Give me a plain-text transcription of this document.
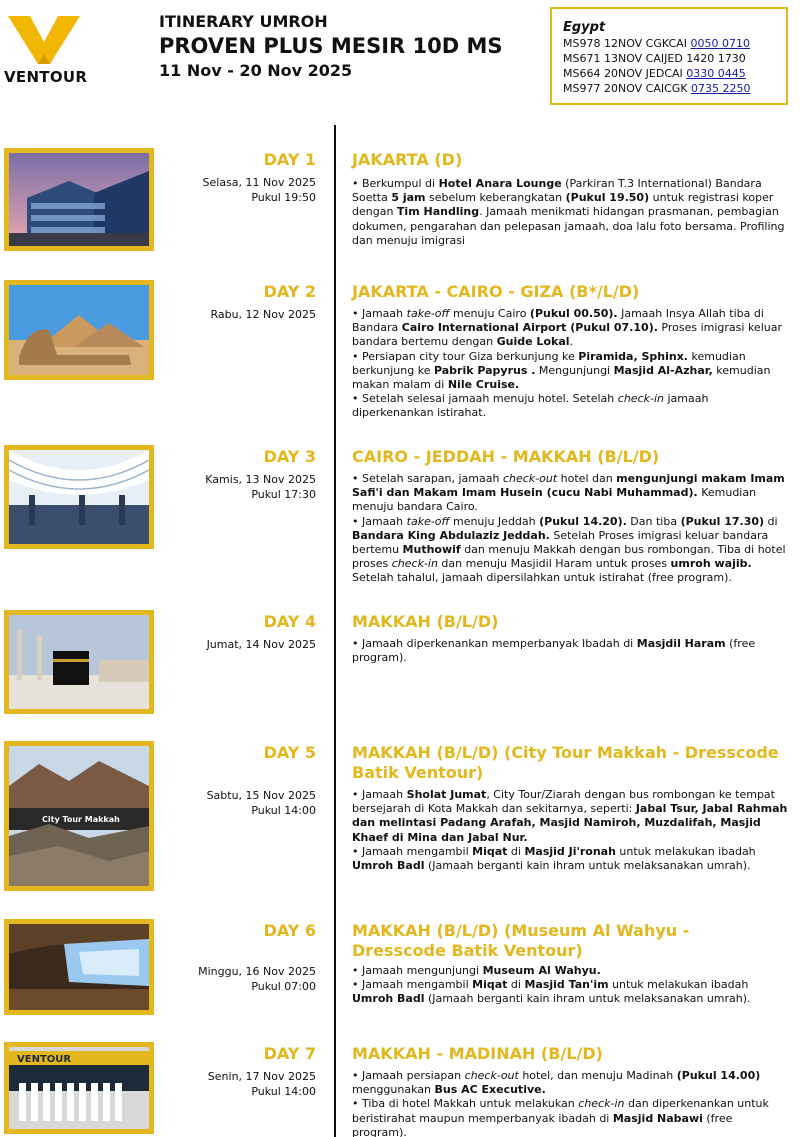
VENTOUR
ITINERARY UMROH
PROVEN PLUS MESIR 10D MS
11 Nov - 20 Nov 2025
Egypt
MS978 12NOV CGKCAI 0050 0710
MS671 13NOV CAIJED 1420 1730
MS664 20NOV JEDCAI 0330 0445
MS977 20NOV CAICGK 0735 2250
DAY 1
Selasa, 11 Nov 2025
Pukul 19:50
JAKARTA (D)

• Berkumpul di Hotel Anara Lounge (Parkiran T.3 International) Bandara Soetta 5 jam sebelum keberangkatan (Pukul 19.50) untuk registrasi koper dengan Tim Handling. Jamaah menikmati hidangan prasmanan, pembagian dokumen, pengarahan dan pelepasan jamaah, doa lalu foto bersama. Profiling dan menuju imigrasi

DAY 2
Rabu, 12 Nov 2025
JAKARTA - CAIRO - GIZA (B*/L/D)

• Jamaah take-off menuju Cairo (Pukul 00.50). Jamaah Insya Allah tiba di Bandara Cairo International Airport (Pukul 07.10). Proses imigrasi keluar bandara bertemu dengan Guide Lokal.

• Persiapan city tour Giza berkunjung ke Piramida, Sphinx. kemudian berkunjung ke Pabrik Papyrus . Mengunjungi Masjid Al-Azhar, kemudian makan malam di Nile Cruise.

• Setelah selesai jamaah menuju hotel. Setelah check-in jamaah diperkenankan istirahat.

DAY 3
Kamis, 13 Nov 2025
Pukul 17:30
CAIRO - JEDDAH - MAKKAH (B/L/D)

• Setelah sarapan, jamaah check-out hotel dan mengunjungi makam Imam Safi'i dan Makam Imam Husein (cucu Nabi Muhammad). Kemudian menuju bandara Cairo.

• Jamaah take-off menuju Jeddah (Pukul 14.20). Dan tiba (Pukul 17.30) di Bandara King Abdulaziz Jeddah. Setelah Proses imigrasi keluar bandara bertemu Muthowif dan menuju Makkah dengan bus rombongan. Tiba di hotel proses check-in dan menuju Masjidil Haram untuk proses umroh wajib. Setelah tahalul, jamaah dipersilahkan untuk istirahat (free program).

DAY 4
Jumat, 14 Nov 2025
MAKKAH (B/L/D)

• Jamaah diperkenankan memperbanyak Ibadah di Masjdil Haram (free program).

City Tour Makkah
DAY 5
Sabtu, 15 Nov 2025
Pukul 14:00
MAKKAH (B/L/D) (City Tour Makkah - Dresscode Batik Ventour)

• Jamaah Sholat Jumat, City Tour/Ziarah dengan bus rombongan ke tempat bersejarah di Kota Makkah dan sekitarnya, seperti: Jabal Tsur, Jabal Rahmah dan melintasi Padang Arafah, Masjid Namiroh, Muzdalifah, Masjid Khaef di Mina dan Jabal Nur.

• Jamaah mengambil Miqat di Masjid Ji'ronah untuk melakukan ibadah Umroh Badl (Jamaah berganti kain ihram untuk melaksanakan umrah).

DAY 6
Minggu, 16 Nov 2025
Pukul 07:00
MAKKAH (B/L/D) (Museum Al Wahyu - Dresscode Batik Ventour)

• Jamaah mengunjungi Museum Al Wahyu.

• Jamaah mengambil Miqat di Masjid Tan'im untuk melakukan ibadah Umroh Badl (Jamaah berganti kain ihram untuk melaksanakan umrah).

VENTOUR	DAY 7
Senin, 17 Nov 2025
Pukul 14:00
MAKKAH - MADINAH (B/L/D)

• Jamaah persiapan check-out hotel, dan menuju Madinah (Pukul 14.00) menggunakan Bus AC Executive.

• Tiba di hotel Makkah untuk melakukan check-in dan diperkenankan untuk beristirahat maupun memperbanyak ibadah di Masjid Nabawi (free program).
